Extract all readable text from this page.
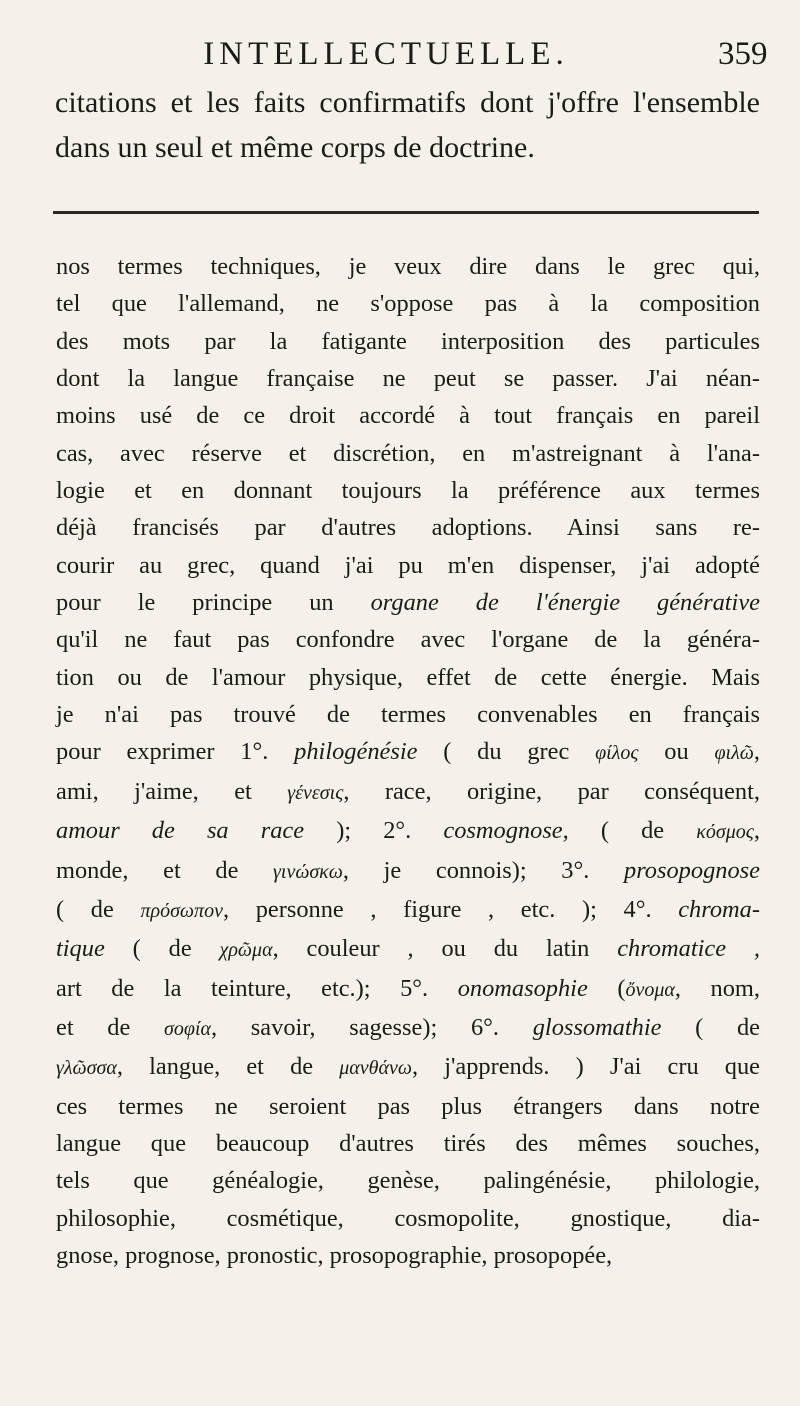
INTELLECTUELLE.	359
citations et les faits confirmatifs dont j'offre l'ensemble dans un seul et même corps de doctrine.
nos termes techniques, je veux dire dans le grec qui,
tel que l'allemand, ne s'oppose pas à la composition
des mots par la fatigante interposition des particules
dont la langue française ne peut se passer. J'ai néan-
moins usé de ce droit accordé à tout français en pareil
cas, avec réserve et discrétion, en m'astreignant à l'ana-
logie et en donnant toujours la préférence aux termes
déjà francisés par d'autres adoptions. Ainsi sans re-
courir au grec, quand j'ai pu m'en dispenser, j'ai adopté
pour le principe un organe de l'énergie générative
qu'il ne faut pas confondre avec l'organe de la généra-
tion ou de l'amour physique, effet de cette énergie. Mais
je n'ai pas trouvé de termes convenables en français
pour exprimer 1°. philogénésie ( du grec φίλος ou φιλῶ,
ami, j'aime, et γένεσις, race, origine, par conséquent,
amour de sa race ); 2°. cosmognose, ( de κόσμος,
monde, et de γινώσκω, je connois); 3°. prosopognose
( de πρόσωπον, personne , figure , etc. ); 4°. chroma-
tique ( de χρῶμα, couleur , ou du latin chromatice ,
art de la teinture, etc.); 5°. onomasophie (ὄνομα, nom,
et de σοφία, savoir, sagesse); 6°. glossomathie ( de
γλῶσσα, langue, et de μανθάνω, j'apprends. ) J'ai cru que
ces termes ne seroient pas plus étrangers dans notre
langue que beaucoup d'autres tirés des mêmes souches,
tels que généalogie, genèse, palingénésie, philologie,
philosophie, cosmétique, cosmopolite, gnostique, dia-
gnose, prognose, pronostic, prosopographie, prosopopée,
